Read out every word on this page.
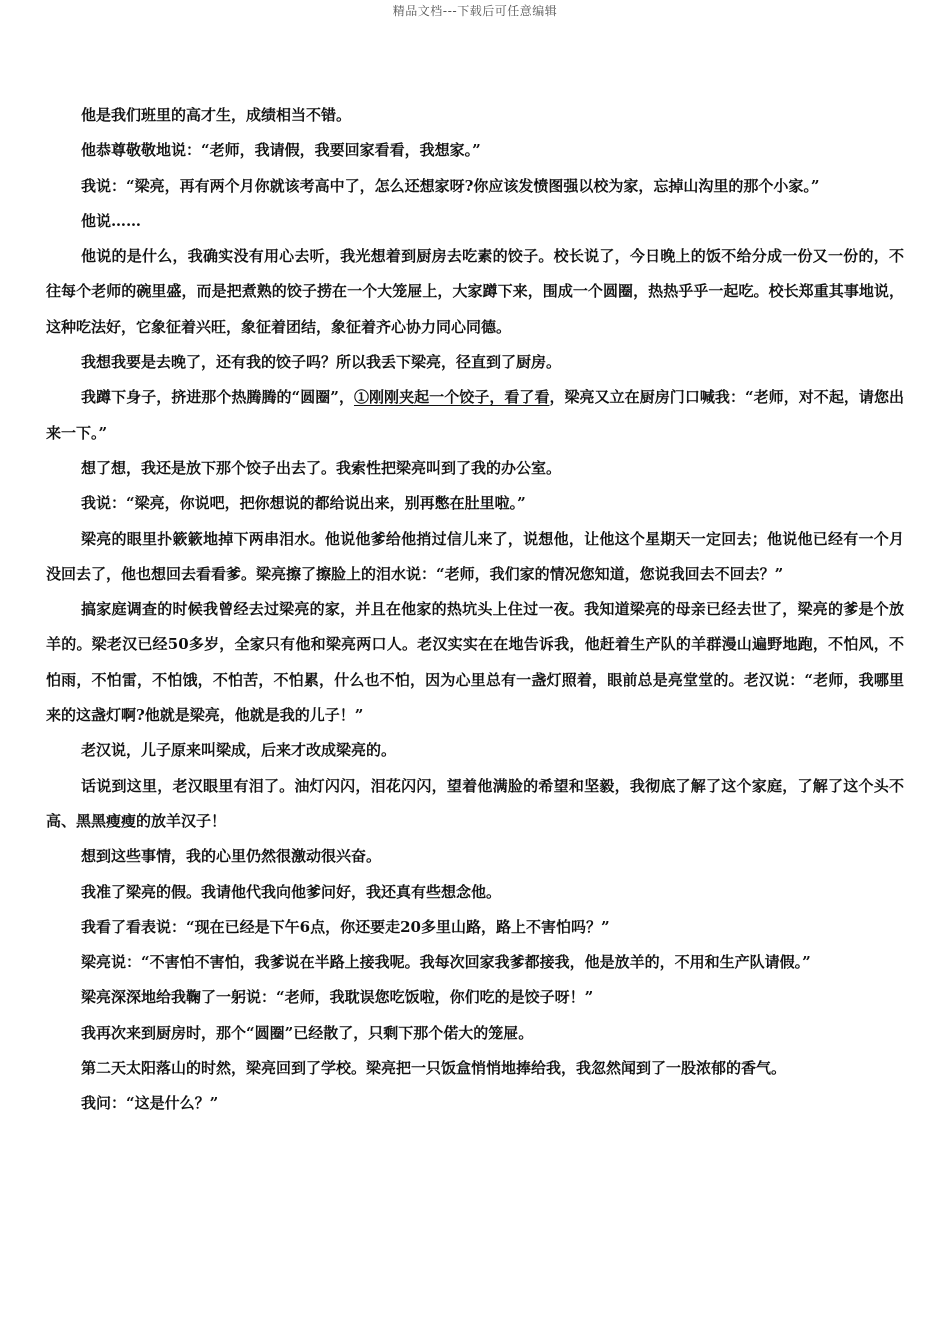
精品文档---下载后可任意编辑

他是我们班里的高才生，成绩相当不错。

他恭尊敬敬地说：“老师，我请假，我要回家看看，我想家。”

我说：“梁亮，再有两个月你就该考高中了，怎么还想家呀?你应该发愤图强以校为家，忘掉山沟里的那个小家。”

他说……

他说的是什么，我确实没有用心去听，我光想着到厨房去吃素的饺子。校长说了，今日晚上的饭不给分成一份又一份的，不往每个老师的碗里盛，而是把煮熟的饺子捞在一个大笼屉上，大家蹲下来，围成一个圆圈，热热乎乎一起吃。校长郑重其事地说，这种吃法好，它象征着兴旺，象征着团结，象征着齐心协力同心同德。

我想我要是去晚了，还有我的饺子吗？所以我丢下梁亮，径直到了厨房。

我蹲下身子，挤进那个热腾腾的“圆圈”，①刚刚夹起一个饺子，看了看，梁亮又立在厨房门口喊我：“老师，对不起，请您出来一下。”

想了想，我还是放下那个饺子出去了。我索性把梁亮叫到了我的办公室。

我说：“梁亮，你说吧，把你想说的都给说出来，别再憋在肚里啦。”

梁亮的眼里扑簌簌地掉下两串泪水。他说他爹给他捎过信儿来了，说想他，让他这个星期天一定回去；他说他已经有一个月没回去了，他也想回去看看爹。梁亮擦了擦脸上的泪水说：“老师，我们家的情况您知道，您说我回去不回去？”

搞家庭调查的时候我曾经去过梁亮的家，并且在他家的热坑头上住过一夜。我知道梁亮的母亲已经去世了，梁亮的爹是个放羊的。梁老汉已经50多岁，全家只有他和梁亮两口人。老汉实实在在地告诉我，他赶着生产队的羊群漫山遍野地跑，不怕风，不怕雨，不怕雷，不怕饿，不怕苦，不怕累，什么也不怕，因为心里总有一盏灯照着，眼前总是亮堂堂的。老汉说：“老师，我哪里来的这盏灯啊?他就是梁亮，他就是我的儿子！”

老汉说，儿子原来叫梁成，后来才改成梁亮的。

话说到这里，老汉眼里有泪了。油灯闪闪，泪花闪闪，望着他满脸的希望和坚毅，我彻底了解了这个家庭，了解了这个头不高、黑黑瘦瘦的放羊汉子！

想到这些事情，我的心里仍然很激动很兴奋。

我准了梁亮的假。我请他代我向他爹问好，我还真有些想念他。

我看了看表说：“现在已经是下午6点，你还要走20多里山路，路上不害怕吗？”

梁亮说：“不害怕不害怕，我爹说在半路上接我呢。我每次回家我爹都接我，他是放羊的，不用和生产队请假。”

梁亮深深地给我鞠了一躬说：“老师，我耽误您吃饭啦，你们吃的是饺子呀！”

我再次来到厨房时，那个“圆圈”已经散了，只剩下那个偌大的笼屉。

第二天太阳落山的时然，梁亮回到了学校。梁亮把一只饭盒悄悄地捧给我，我忽然闻到了一股浓郁的香气。

我问：“这是什么？”
